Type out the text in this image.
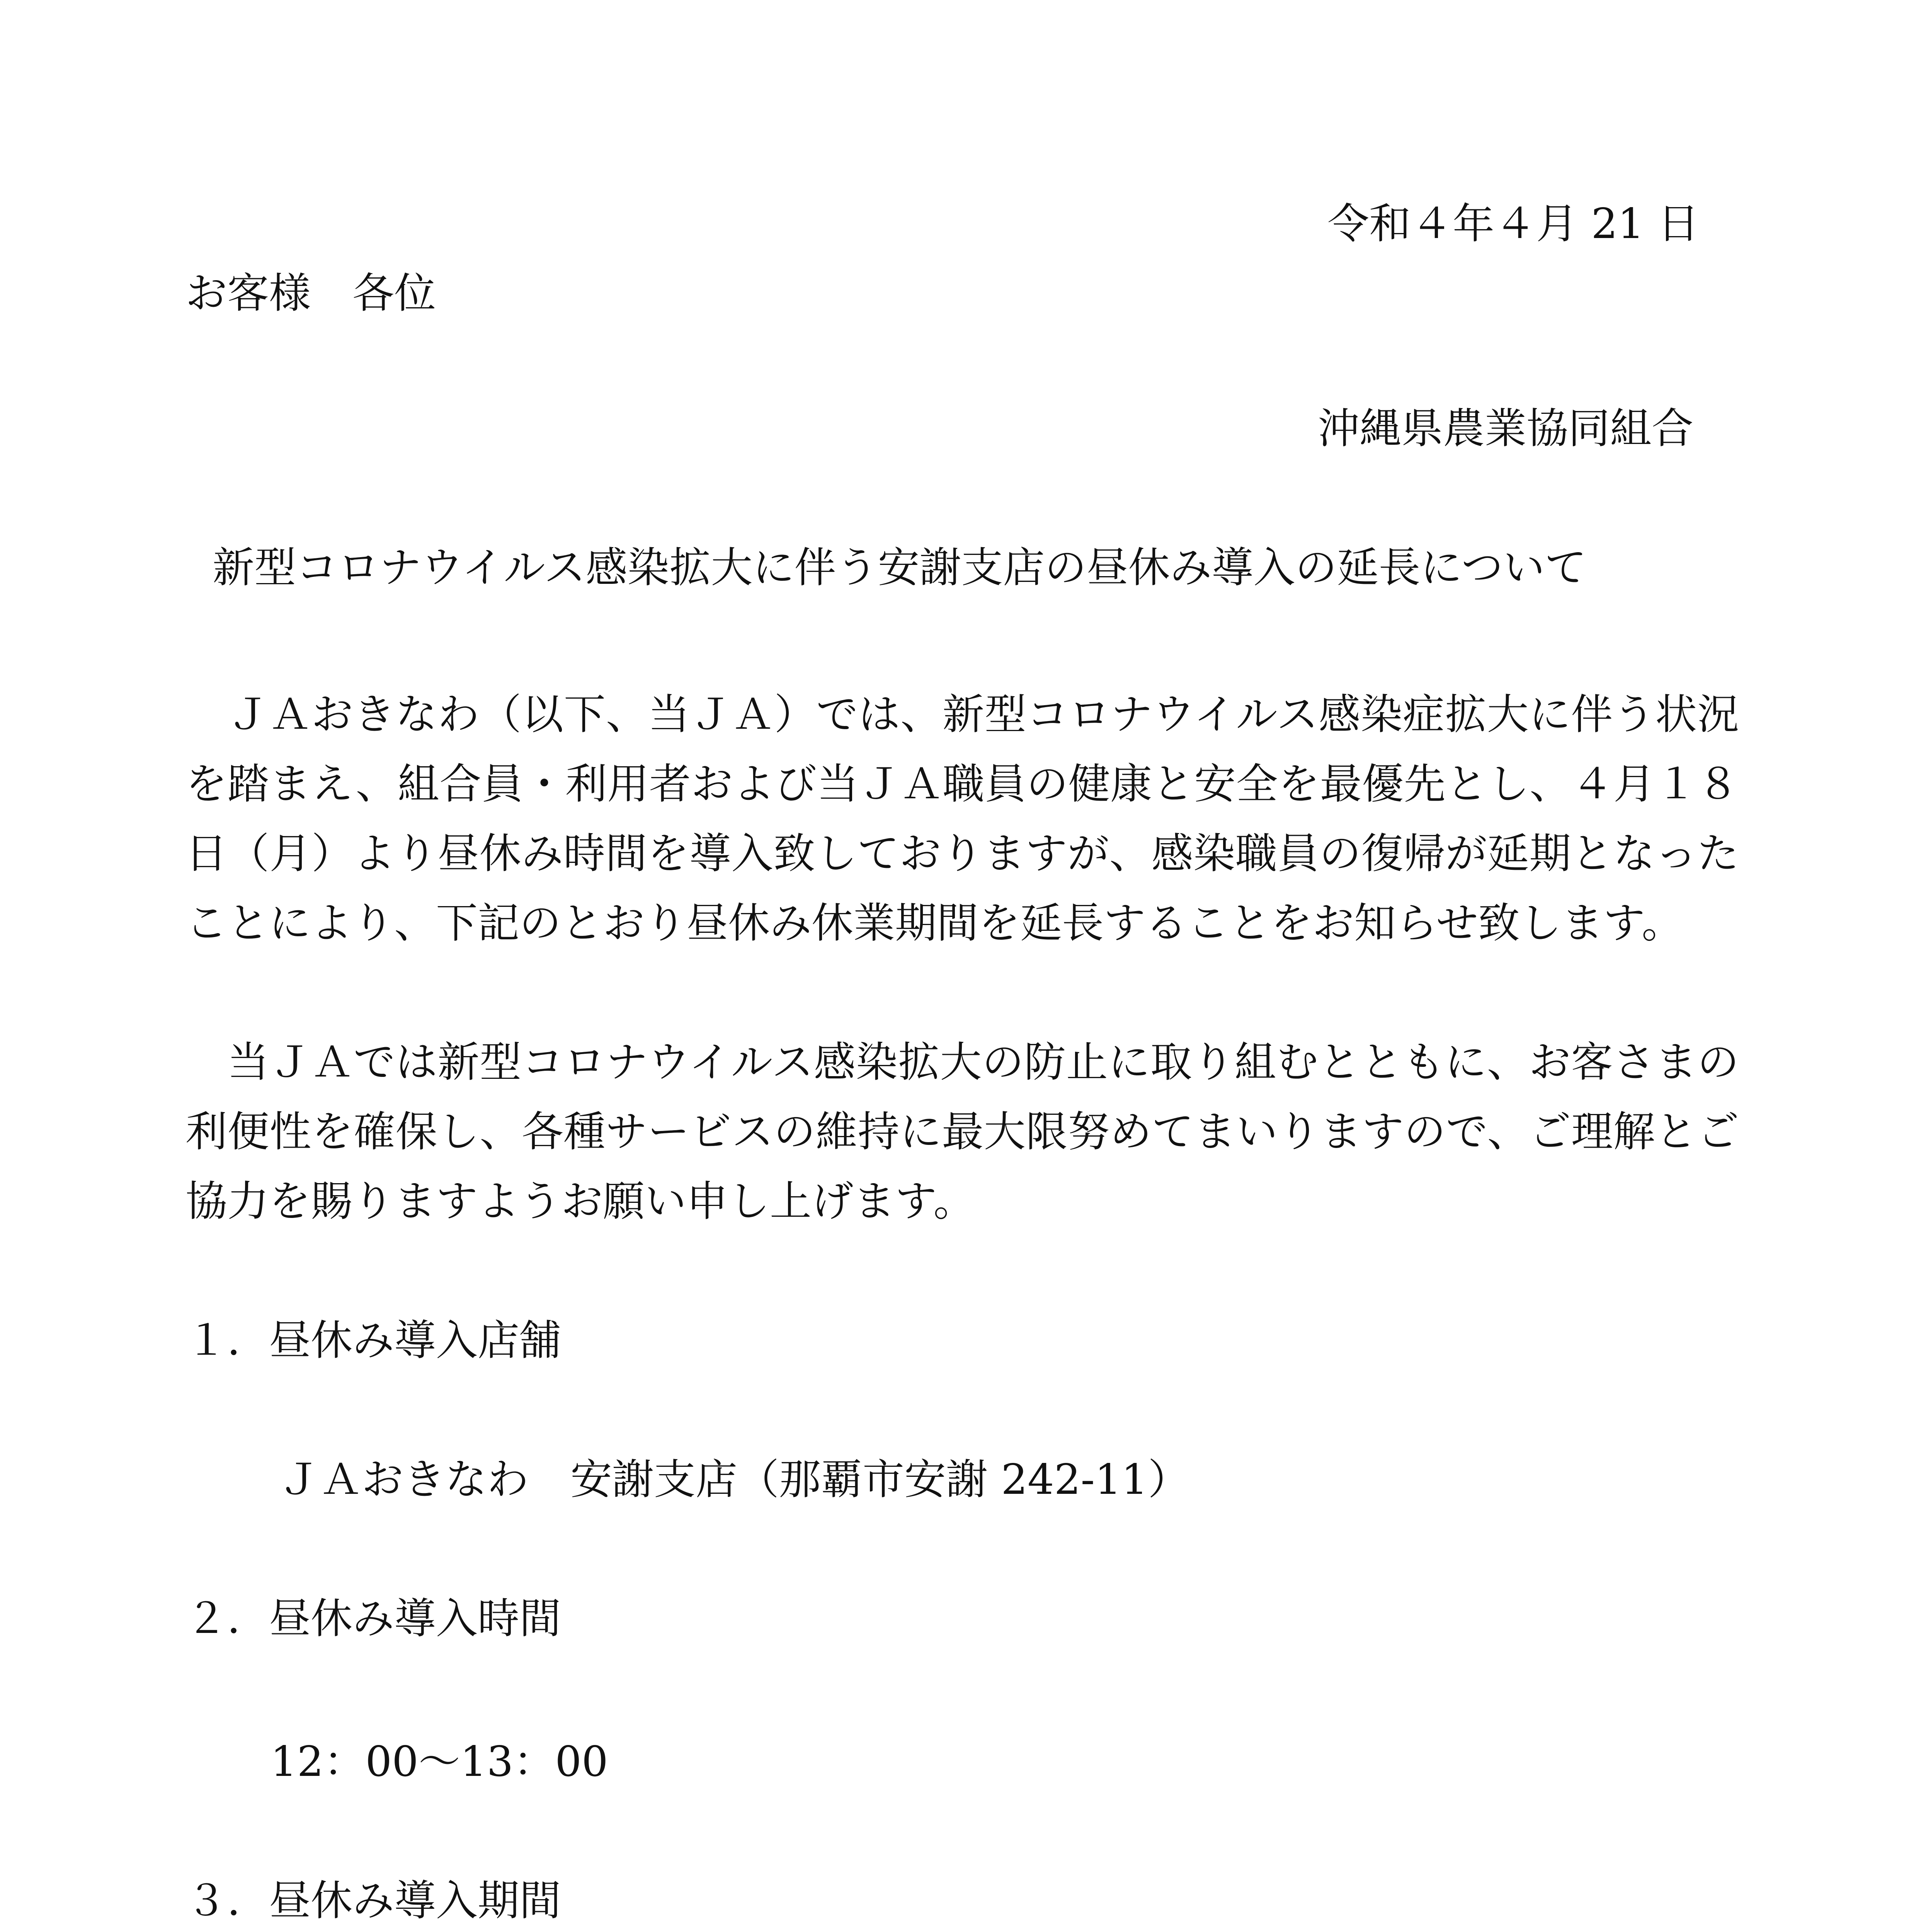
令和４年４月 21 日

お客様　各位

沖縄県農業協同組合

新型コロナウイルス感染拡大に伴う安謝支店の昼休み導入の延長について

ＪＡおきなわ（以下、当ＪＡ）では、新型コロナウイルス感染症拡大に伴う状況を踏まえ、組合員・利用者および当ＪＡ職員の健康と安全を最優先とし、４月１８日（月）より昼休み時間を導入致しておりますが、感染職員の復帰が延期となったことにより、下記のとおり昼休み休業期間を延長することをお知らせ致します。

当ＪＡでは新型コロナウイルス感染拡大の防止に取り組むとともに、お客さまの利便性を確保し、各種サービスの維持に最大限努めてまいりますので、ご理解とご協力を賜りますようお願い申し上げます。

１．昼休み導入店舗

ＪＡおきなわ　安謝支店（那覇市安謝 242-11）

２．昼休み導入時間

12：00～13：00

３．昼休み導入期間
